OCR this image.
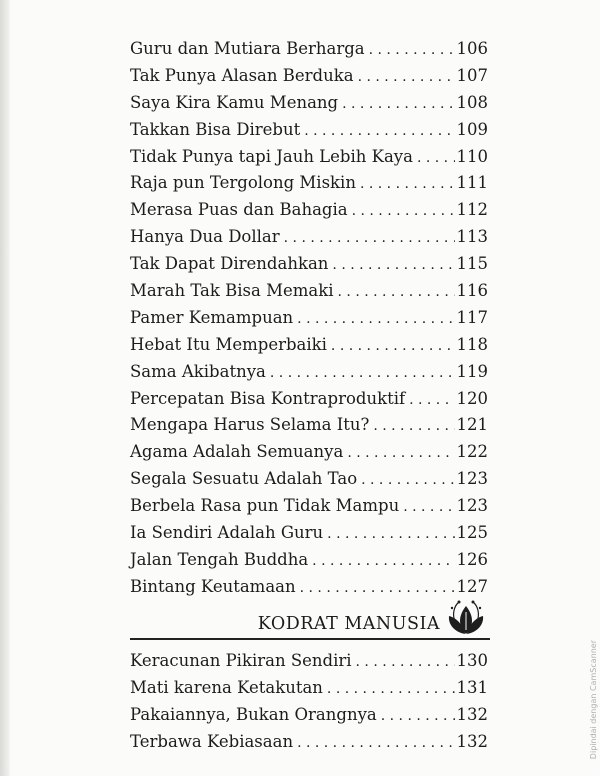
Guru dan Mutiara Berharga . . .	106
Tak Punya Alasan Berduka . . .	107
Saya Kira Kamu Menang . . .	108
Takkan Bisa Direbut . . .	109
Tidak Punya tapi Jauh Lebih Kaya . . .	110
Raja pun Tergolong Miskin . . .	111
Merasa Puas dan Bahagia . . .	112
Hanya Dua Dollar . . .	113
Tak Dapat Direndahkan . . .	115
Marah Tak Bisa Memaki . . .	116
Pamer Kemampuan . . .	117
Hebat Itu Memperbaiki . . .	118
Sama Akibatnya . . .	119
Percepatan Bisa Kontraproduktif . . .	120
Mengapa Harus Selama Itu? . . .	121
Agama Adalah Semuanya . . .	122
Segala Sesuatu Adalah Tao . . .	123
Berbela Rasa pun Tidak Mampu . . .	123
Ia Sendiri Adalah Guru . . .	125
Jalan Tengah Buddha . . .	126
Bintang Keutamaan . . .	127
KODRAT MANUSIA
Keracunan Pikiran Sendiri . . .	130
Mati karena Ketakutan . . .	131
Pakaiannya, Bukan Orangnya . . .	132
Terbawa Kebiasaan . . .	132	Dipindai dengan CamScanner
